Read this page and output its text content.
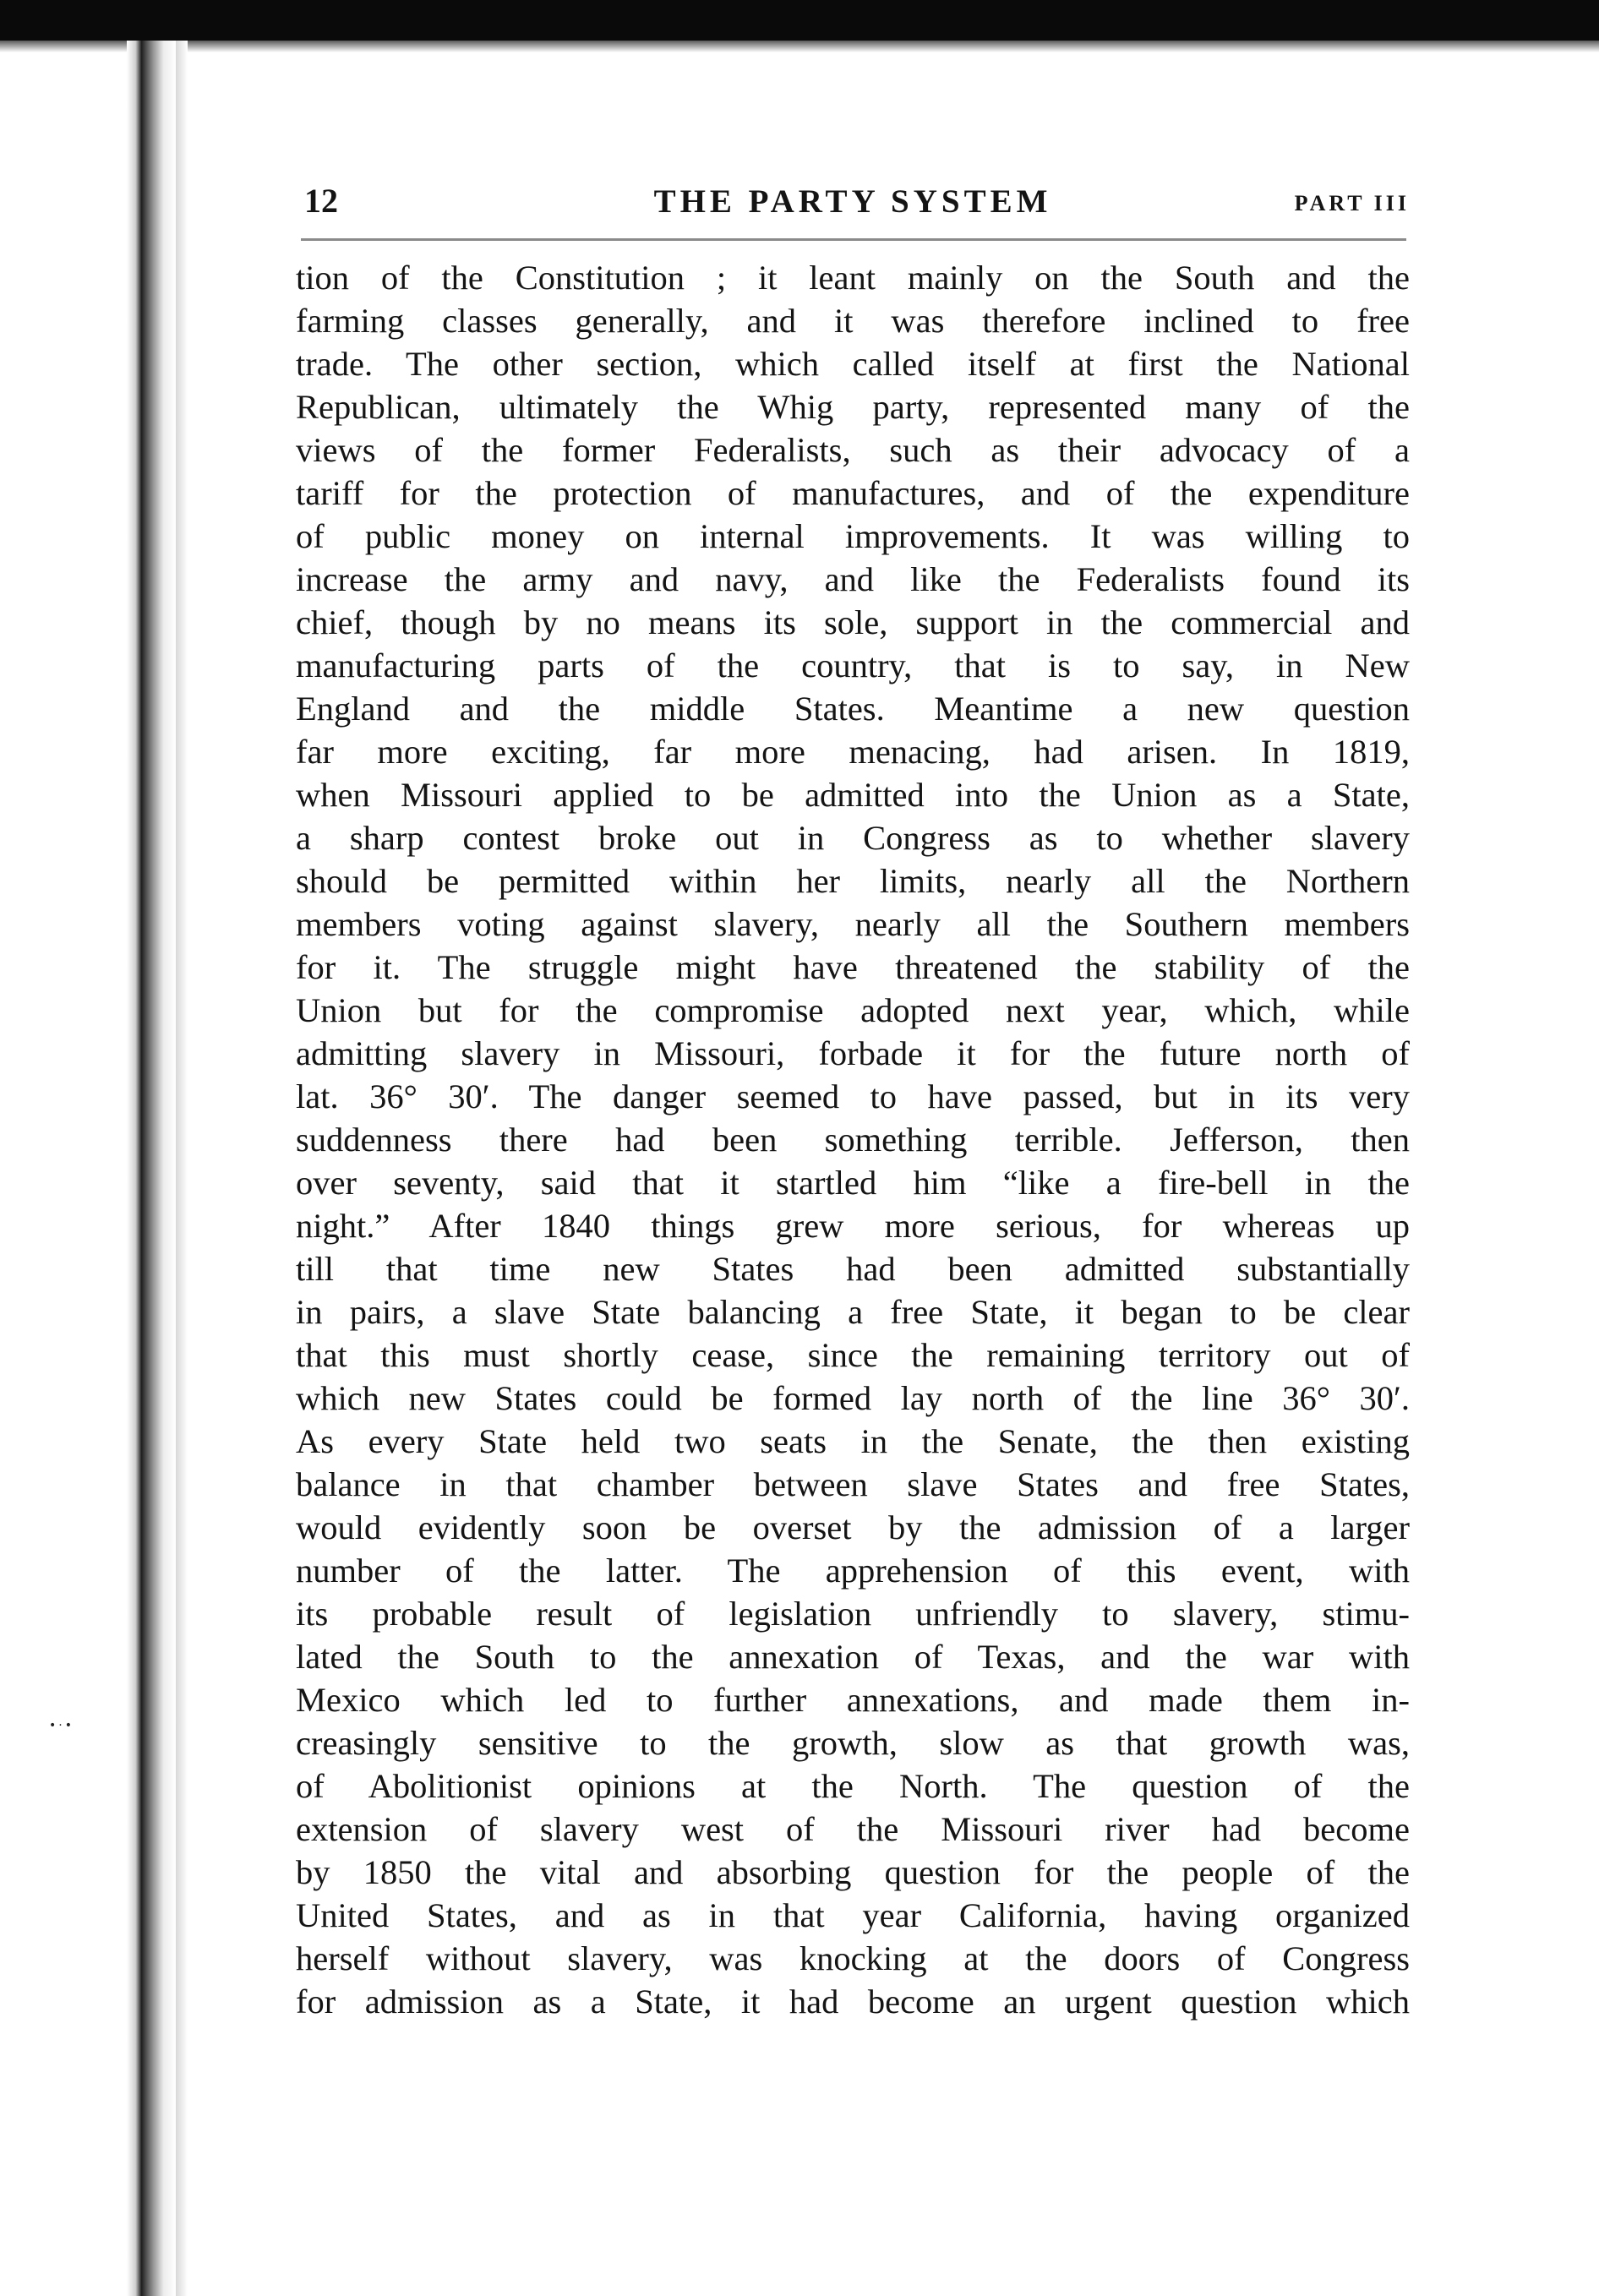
•·•
12	THE PARTY SYSTEM	PART III
tion of the Constitution ; it leant mainly on the South and the
farming classes generally, and it was therefore inclined to free
trade. The other section, which called itself at first the National
Republican, ultimately the Whig party, represented many of the
views of the former Federalists, such as their advocacy of a
tariff for the protection of manufactures, and of the expenditure
of public money on internal improvements. It was willing to
increase the army and navy, and like the Federalists found its
chief, though by no means its sole, support in the commercial and
manufacturing parts of the country, that is to say, in New
England and the middle States. Meantime a new question
far more exciting, far more menacing, had arisen. In 1819,
when Missouri applied to be admitted into the Union as a State,
a sharp contest broke out in Congress as to whether slavery
should be permitted within her limits, nearly all the Northern
members voting against slavery, nearly all the Southern members
for it. The struggle might have threatened the stability of the
Union but for the compromise adopted next year, which, while
admitting slavery in Missouri, forbade it for the future north of
lat. 36° 30′. The danger seemed to have passed, but in its very
suddenness there had been something terrible. Jefferson, then
over seventy, said that it startled him “like a fire-bell in the
night.” After 1840 things grew more serious, for whereas up
till that time new States had been admitted substantially
in pairs, a slave State balancing a free State, it began to be clear
that this must shortly cease, since the remaining territory out of
which new States could be formed lay north of the line 36° 30′.
As every State held two seats in the Senate, the then existing
balance in that chamber between slave States and free States,
would evidently soon be overset by the admission of a larger
number of the latter. The apprehension of this event, with
its probable result of legislation unfriendly to slavery, stimu-
lated the South to the annexation of Texas, and the war with
Mexico which led to further annexations, and made them in-
creasingly sensitive to the growth, slow as that growth was,
of Abolitionist opinions at the North. The question of the
extension of slavery west of the Missouri river had become
by 1850 the vital and absorbing question for the people of the
United States, and as in that year California, having organized
herself without slavery, was knocking at the doors of Congress
for admission as a State, it had become an urgent question which
